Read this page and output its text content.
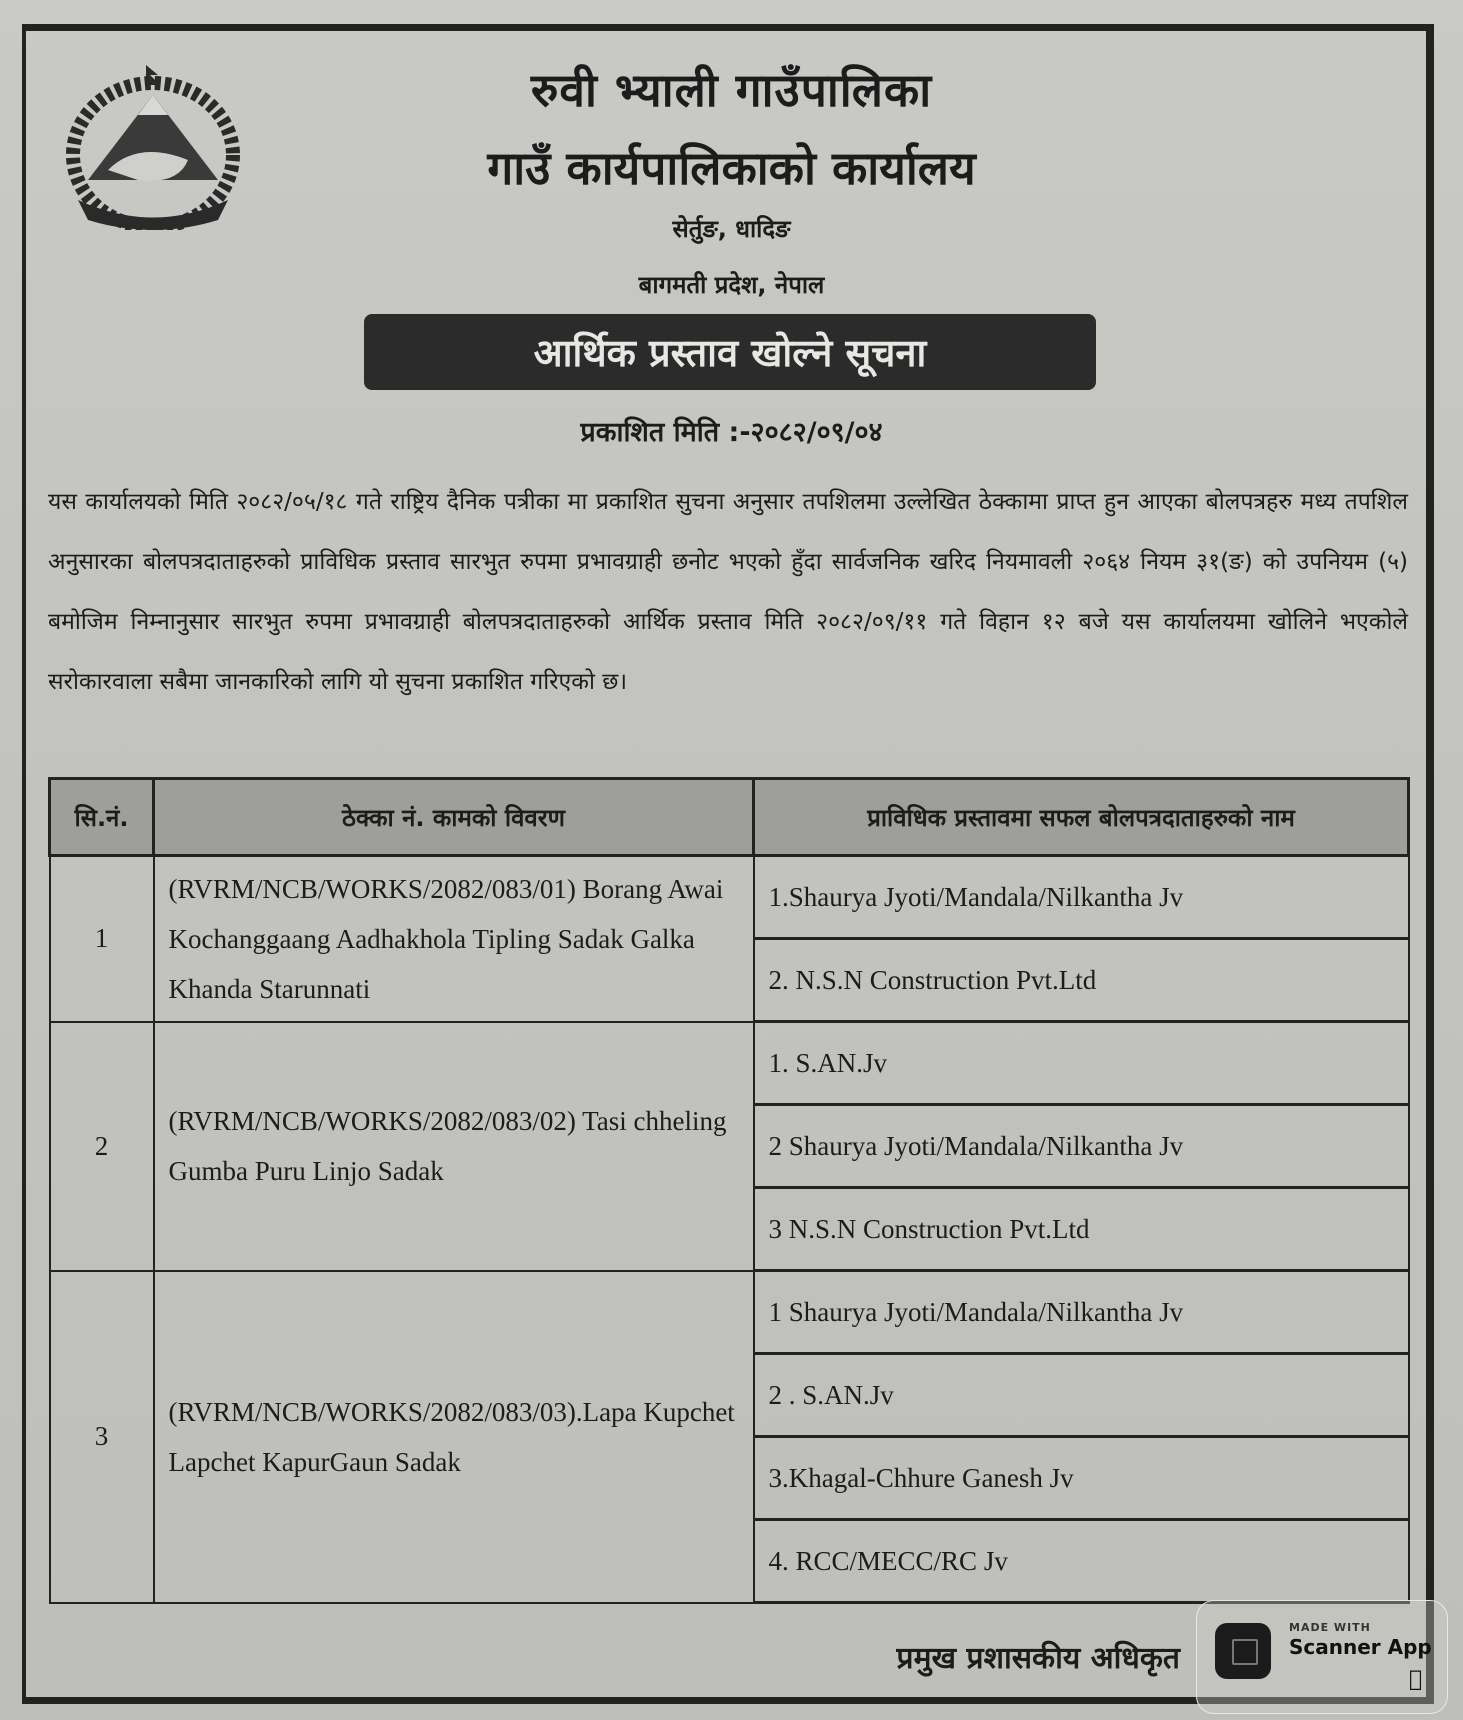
रुवी भ्याली गाउँपालिका
गाउँ कार्यपालिकाको कार्यालय
सेर्तुङ, धादिङ
बागमती प्रदेश, नेपाल
आर्थिक प्रस्ताव खोल्ने सूचना
प्रकाशित मिति :-२०८२/०९/०४
यस कार्यालयको मिति २०८२/०५/१८ गते राष्ट्रिय दैनिक पत्रीका मा प्रकाशित सुचना अनुसार तपशिलमा उल्लेखित ठेक्कामा प्राप्त हुन आएका बोलपत्रहरु मध्य तपशिल अनुसारका बोलपत्रदाताहरुको प्राविधिक प्रस्ताव सारभुत रुपमा प्रभावग्राही छनोट भएको हुँदा सार्वजनिक खरिद नियमावली २०६४ नियम ३१(ङ) को उपनियम (५) बमोजिम निम्नानुसार सारभुत रुपमा प्रभावग्राही बोलपत्रदाताहरुको आर्थिक प्रस्ताव मिति २०८२/०९/११ गते विहान १२ बजे यस कार्यालयमा खोलिने भएकोले सरोकारवाला सबैमा जानकारिको लागि यो सुचना प्रकाशित गरिएको छ।
सि.नं.	ठेक्का नं. कामको विवरण	प्राविधिक प्रस्तावमा सफल बोलपत्रदाताहरुको नाम
1	(RVRM/NCB/WORKS/2082/083/01) Borang Awai Kochanggaang Aadhakhola Tipling Sadak Galka Khanda Starunnati	1.Shaurya Jyoti/Mandala/Nilkantha Jv
		2. N.S.N Construction Pvt.Ltd
2	(RVRM/NCB/WORKS/2082/083/02) Tasi chheling Gumba Puru Linjo Sadak	1. S.AN.Jv
		2 Shaurya Jyoti/Mandala/Nilkantha Jv
		3 N.S.N Construction Pvt.Ltd
3	(RVRM/NCB/WORKS/2082/083/03).Lapa Kupchet Lapchet KapurGaun Sadak	1 Shaurya Jyoti/Mandala/Nilkantha Jv
		2 . S.AN.Jv
		3.Khagal-Chhure Ganesh Jv
		4. RCC/MECC/RC Jv
प्रमुख प्रशासकीय अधिकृत
MADE WITH
Scanner App
